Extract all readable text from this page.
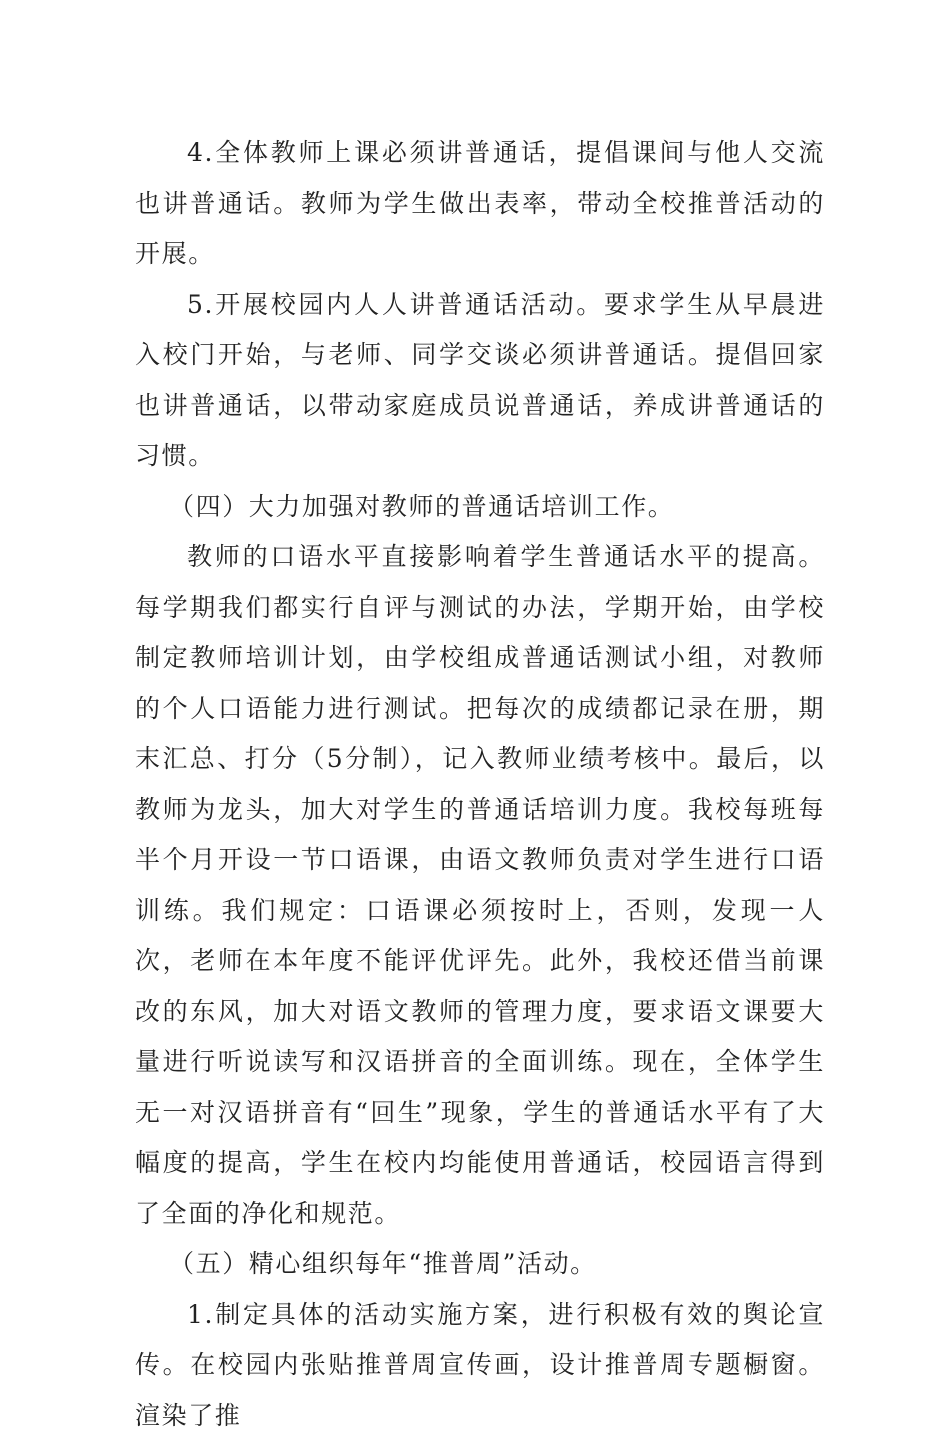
4.全体教师上课必须讲普通话，提倡课间与他人交流也讲普通话。教师为学生做出表率，带动全校推普活动的开展。

5.开展校园内人人讲普通话活动。要求学生从早晨进入校门开始，与老师、同学交谈必须讲普通话。提倡回家也讲普通话，以带动家庭成员说普通话，养成讲普通话的习惯。

（四）大力加强对教师的普通话培训工作。

教师的口语水平直接影响着学生普通话水平的提高。每学期我们都实行自评与测试的办法，学期开始，由学校制定教师培训计划，由学校组成普通话测试小组，对教师的个人口语能力进行测试。把每次的成绩都记录在册，期末汇总、打分（5分制），记入教师业绩考核中。最后，以教师为龙头，加大对学生的普通话培训力度。我校每班每半个月开设一节口语课，由语文教师负责对学生进行口语训练。我们规定：口语课必须按时上，否则，发现一人次，老师在本年度不能评优评先。此外，我校还借当前课改的东风，加大对语文教师的管理力度，要求语文课要大量进行听说读写和汉语拼音的全面训练。现在，全体学生无一对汉语拼音有“回生”现象，学生的普通话水平有了大幅度的提高，学生在校内均能使用普通话，校园语言得到了全面的净化和规范。

（五）精心组织每年“推普周”活动。

1.制定具体的活动实施方案，进行积极有效的舆论宣传。在校园内张贴推普周宣传画，设计推普周专题橱窗。渲染了推
